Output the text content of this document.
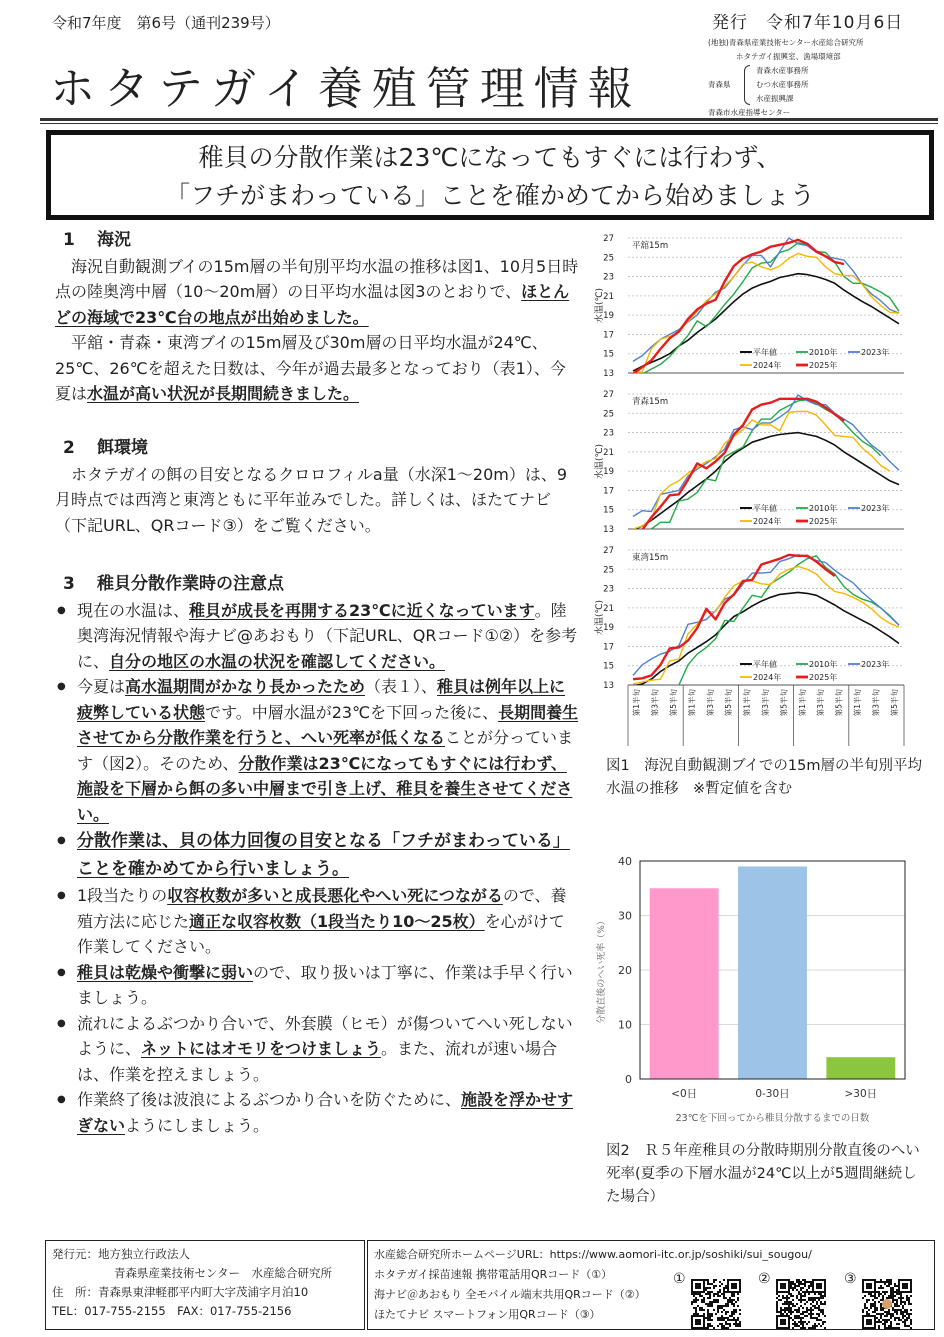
令和7年度　第6号（通刊239号）
ホタテガイ養殖管理情報
発行　令和7年10月6日
(地独)青森県産業技術センター水産総合研究所
ホタテガイ振興室、漁場環境部
青森県
青森水産事務所
むつ水産事務所
水産振興課
青森市水産指導センター
稚貝の分散作業は23℃になってもすぐには行わず、
「フチがまわっている」ことを確かめてから始めましょう
1 海況

海況自動観測ブイの15m層の半旬別平均水温の推移は図1、10月5日時点の陸奥湾中層（10～20m層）の日平均水温は図3のとおりで、ほとんどの海域で23℃台の地点が出始めました。

平舘・青森・東湾ブイの15m層及び30m層の日平均水温が24℃、25℃、26℃を超えた日数は、今年が過去最多となっており（表1）、今夏は水温が高い状況が長期間続きました。

2 餌環境

ホタテガイの餌の目安となるクロロフィルa量（水深1～20m）は、9月時点では西湾と東湾ともに平年並みでした。詳しくは、ほたてナビ（下記URL、QRコード③）をご覧ください。

3 稚貝分散作業時の注意点
● 現在の水温は、稚貝が成長を再開する23℃に近くなっています。陸奥湾海況情報や海ナビ@あおもり（下記URL、QRコード①②）を参考に、自分の地区の水温の状況を確認してください。
● 今夏は高水温期間がかなり長かったため（表１）、稚貝は例年以上に疲弊している状態です。中層水温が23℃を下回った後に、長期間養生させてから分散作業を行うと、へい死率が低くなることが分っています（図2）。そのため、分散作業は23℃になってもすぐには行わず、施設を下層から餌の多い中層まで引き上げ、稚貝を養生させてください。
● 分散作業は、貝の体力回復の目安となる「フチがまわっている」ことを確かめてから行いましょう。
● 1段当たりの収容枚数が多いと成長悪化やへい死につながるので、養殖方法に応じた適正な収容枚数（1段当たり10～25枚）を心がけて作業してください。
● 稚貝は乾燥や衝撃に弱いので、取り扱いは丁寧に、作業は手早く行いましょう。
● 流れによるぶつかり合いで、外套膜（ヒモ）が傷ついてへい死しないように、ネットにはオモリをつけましょう。また、流れが速い場合は、作業を控えましょう。
● 作業終了後は波浪によるぶつかり合いを防ぐために、施設を浮かせすぎないようにしましょう。
13
15
17
19
21
23
25
27
水温(℃)
平舘15m
平年値	2010年	2023年
2024年	2025年
13
15
17
19
21
23
25
27
水温(℃)
青森15m
平年値	2010年	2023年
2024年	2025年
13
15
17
19
21
23
25
27
水温(℃)
東湾15m
平年値	2010年	2023年
2024年	2025年
第1半旬 第3半旬 第5半旬 第1半旬 第3半旬 第5半旬 第1半旬 第3半旬 第5半旬 第1半旬 第3半旬 第5半旬 第1半旬 第3半旬 第5半旬
図1　海況自動観測ブイでの15m層の半旬別平均水温の推移　※暫定値を含む
0
10
20
30
40
<0日	0-30日	>30日
23℃を下回ってから稚貝分散するまでの日数
分散直後のへい死率（%）
図2　Ｒ５年産稚貝の分散時期別分散直後のへい死率(夏季の下層水温が24℃以上が5週間継続した場合）
発行元：地方独立行政法人
青森県産業技術センター　水産総合研究所
住　所：青森県東津軽郡平内町大字茂浦字月泊10
TEL：017-755-2155　FAX：017-755-2156
水産総合研究所ホームページURL：https://www.aomori-itc.or.jp/soshiki/sui_sougou/
ホタテガイ採苗速報 携帯電話用QRコード（①）
海ナビ＠あおもり 全モバイル端末共用QRコード（②）
ほたてナビ スマートフォン用QRコード（③）
①	②	③
